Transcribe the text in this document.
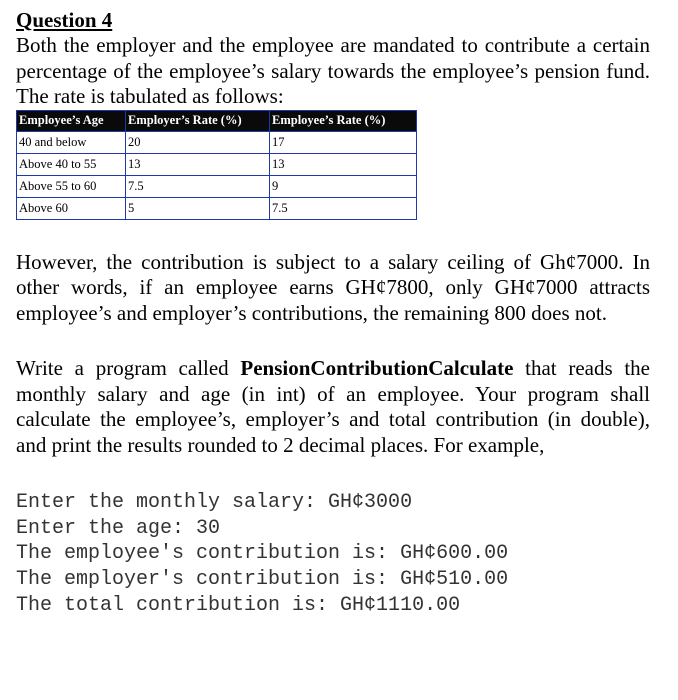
Question 4

Both the employer and the employee are mandated to contribute a certain percentage of the employee’s salary towards the employee’s pension fund. The rate is tabulated as follows:

Employee’s Age	Employer’s Rate (%)	Employee’s Rate (%)
40 and below	20	17
Above 40 to 55	13	13
Above 55 to 60	7.5	9
Above 60	5	7.5

However, the contribution is subject to a salary ceiling of Gh¢7000. In other words, if an employee earns GH¢7800, only GH¢7000 attracts employee’s and employer’s contributions, the remaining 800 does not.

Write a program called PensionContributionCalculate that reads the monthly salary and age (in int) of an employee. Your program shall calculate the employee’s, employer’s and total contribution (in double), and print the results rounded to 2 decimal places. For example,

Enter the monthly salary: GH¢3000

Enter the age: 30

The employee's contribution is: GH¢600.00

The employer's contribution is: GH¢510.00

The total contribution is: GH¢1110.00
